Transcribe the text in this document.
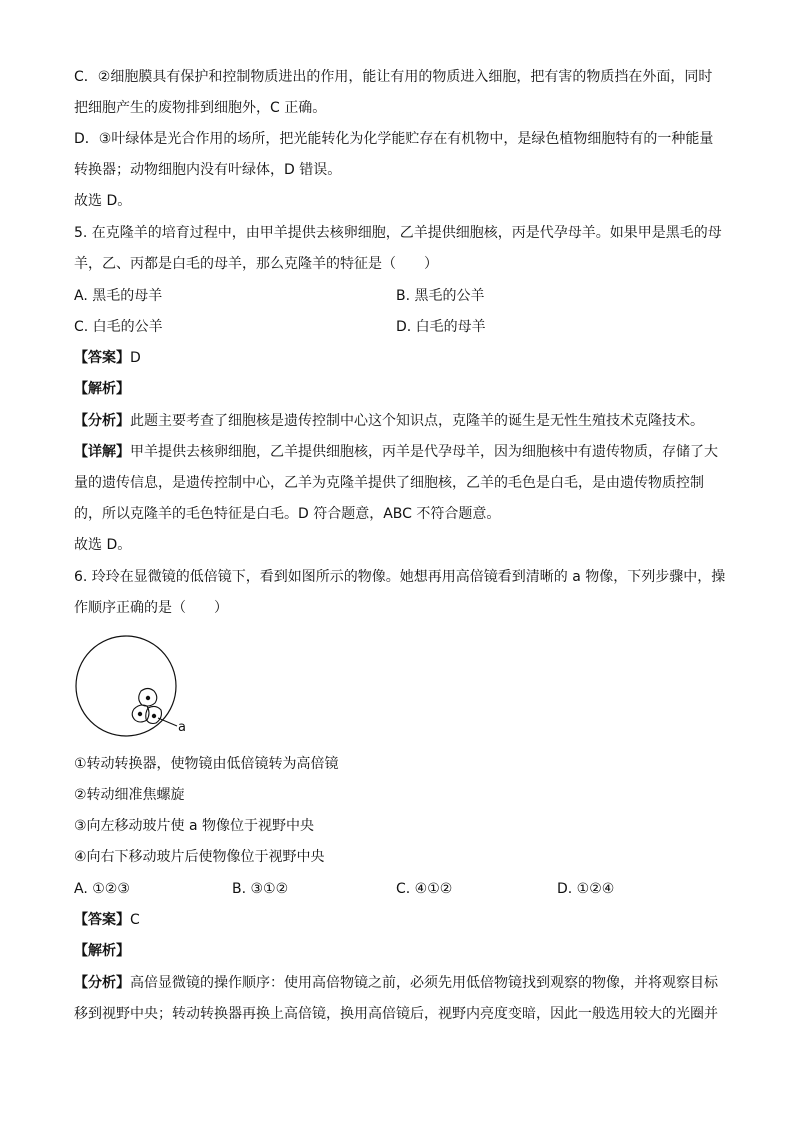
C．②细胞膜具有保护和控制物质进出的作用，能让有用的物质进入细胞，把有害的物质挡在外面，同时
把细胞产生的废物排到细胞外，C 正确。
D．③叶绿体是光合作用的场所，把光能转化为化学能贮存在有机物中，是绿色植物细胞特有的一种能量
转换器；动物细胞内没有叶绿体，D 错误。
故选 D。
5. 在克隆羊的培育过程中，由甲羊提供去核卵细胞，乙羊提供细胞核，丙是代孕母羊。如果甲是黑毛的母
羊，乙、丙都是白毛的母羊，那么克隆羊的特征是（　　）
A. 黑毛的母羊	B. 黑毛的公羊
C. 白毛的公羊	D. 白毛的母羊
【答案】D
【解析】
【分析】此题主要考查了细胞核是遗传控制中心这个知识点，克隆羊的诞生是无性生殖技术克隆技术。
【详解】甲羊提供去核卵细胞，乙羊提供细胞核，丙羊是代孕母羊，因为细胞核中有遗传物质，存储了大
量的遗传信息，是遗传控制中心，乙羊为克隆羊提供了细胞核，乙羊的毛色是白毛，是由遗传物质控制
的，所以克隆羊的毛色特征是白毛。D 符合题意，ABC 不符合题意。
故选 D。
6. 玲玲在显微镜的低倍镜下，看到如图所示的物像。她想再用高倍镜看到清晰的 a 物像，下列步骤中，操
作顺序正确的是（　　）
a
①转动转换器，使物镜由低倍镜转为高倍镜
②转动细准焦螺旋
③向左移动玻片使 a 物像位于视野中央
④向右下移动玻片后使物像位于视野中央
A. ①②③	B. ③①②	C. ④①②	D. ①②④
【答案】C
【解析】
【分析】高倍显微镜的操作顺序：使用高倍物镜之前，必须先用低倍物镜找到观察的物像，并将观察目标
移到视野中央；转动转换器再换上高倍镜，换用高倍镜后，视野内亮度变暗，因此一般选用较大的光圈并
